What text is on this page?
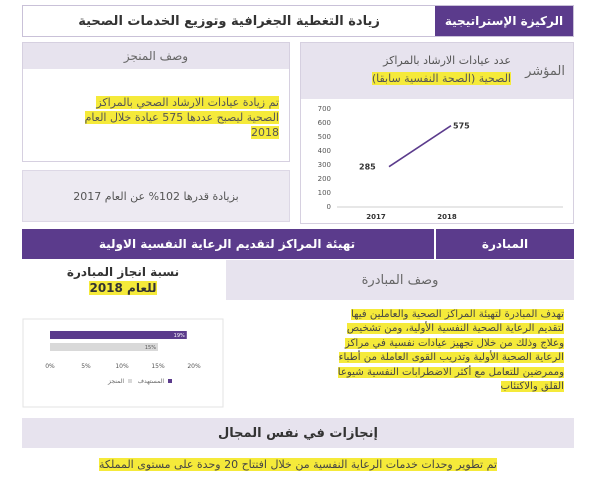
الركيزة الإستراتيجية
زيادة التغطية الجغرافية وتوزيع الخدمات الصحية
المؤشر
عدد عيادات الارشاد بالمراكز
الصحية (الصحة النفسية سابقا)
700
600
500
400
300
200
100
0
285
575
2017	2018
وصف المنجز
تم زيادة عيادات الارشاد الصحي بالمراكز
الصحية ليصبح عددها 575 عيادة خلال العام
2018
بزيادة قدرها 102% عن العام 2017
المبادرة
تهيئة المراكز لتقديم الرعاية النفسية الاولية
نسبة انجاز المبادرة
للعام 2018
19%
15%
0%	5%	10%	15%	20%
المستهدف
المنجز
وصف المبادرة
تهدف المبادرة لتهيئة المراكز الصحية والعاملين فيها
لتقديم الرعاية الصحية النفسية الأولية، ومن تشخيص
وعلاج وذلك من خلال تجهيز عيادات نفسية في مراكز
الرعاية الصحية الأولية وتدريب القوى العاملة من أطباء
وممرضين للتعامل مع أكثر الاضطرابات النفسية شيوعا
القلق والاكتئاب
إنجازات في نفس المجال
تم تطوير وحدات خدمات الرعاية النفسية من خلال افتتاح 20 وحدة على مستوى المملكة
